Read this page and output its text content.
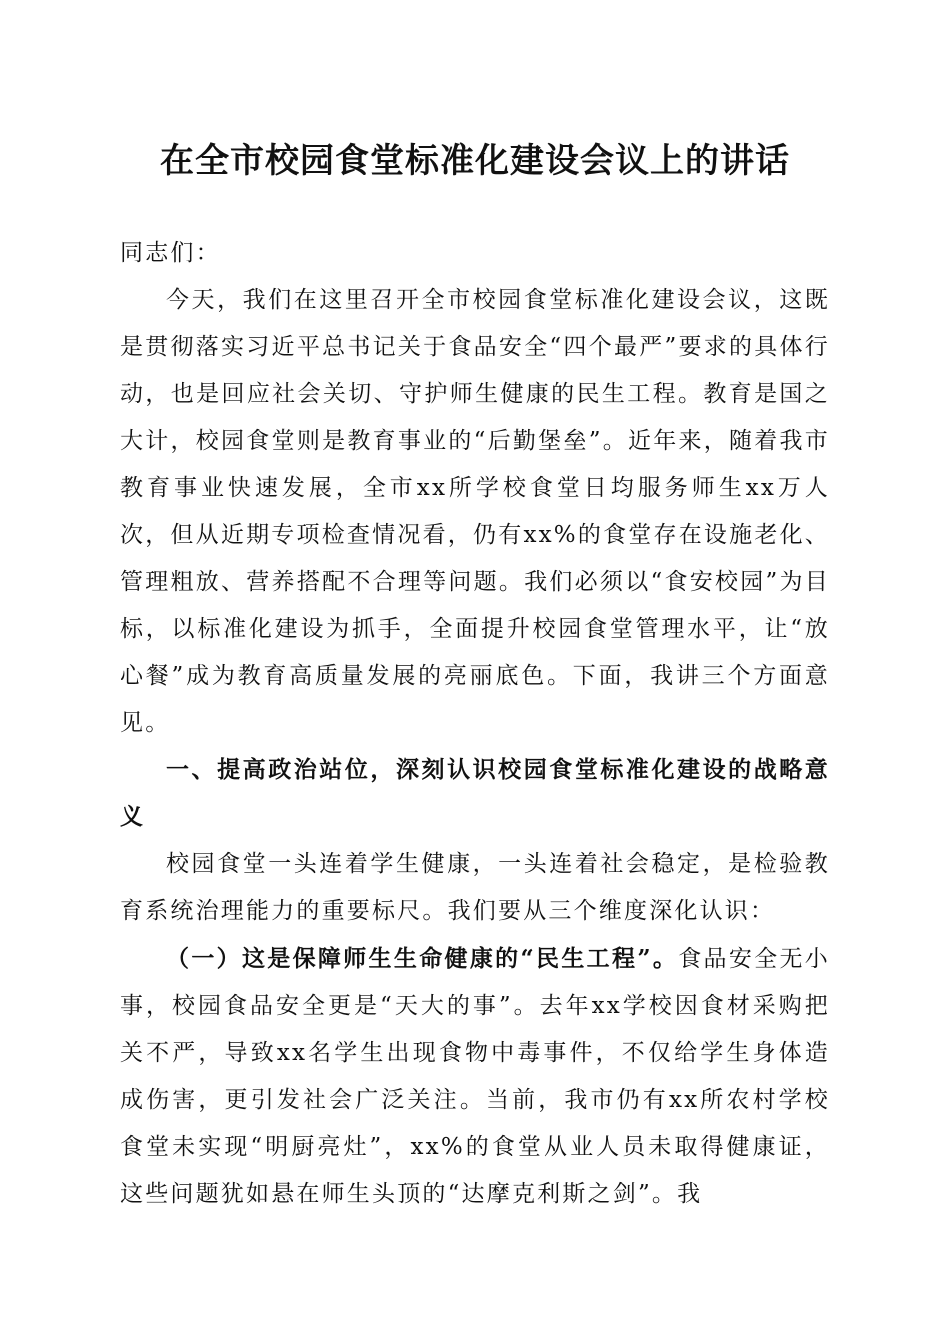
在全市校园食堂标准化建设会议上的讲话

同志们：

今天，我们在这里召开全市校园食堂标准化建设会议，这既是贯彻落实习近平总书记关于食品安全“四个最严”要求的具体行动，也是回应社会关切、守护师生健康的民生工程。教育是国之大计，校园食堂则是教育事业的“后勤堡垒”。近年来，随着我市教育事业快速发展，全市xx所学校食堂日均服务师生xx万人次，但从近期专项检查情况看，仍有xx%的食堂存在设施老化、管理粗放、营养搭配不合理等问题。我们必须以“食安校园”为目标，以标准化建设为抓手，全面提升校园食堂管理水平，让“放心餐”成为教育高质量发展的亮丽底色。下面，我讲三个方面意见。

一、提高政治站位，深刻认识校园食堂标准化建设的战略意义

校园食堂一头连着学生健康，一头连着社会稳定，是检验教育系统治理能力的重要标尺。我们要从三个维度深化认识：

（一）这是保障师生生命健康的“民生工程”。食品安全无小事，校园食品安全更是“天大的事”。去年xx学校因食材采购把关不严，导致xx名学生出现食物中毒事件，不仅给学生身体造成伤害，更引发社会广泛关注。当前，我市仍有xx所农村学校食堂未实现“明厨亮灶”，xx%的食堂从业人员未取得健康证，这些问题犹如悬在师生头顶的“达摩克利斯之剑”。我
